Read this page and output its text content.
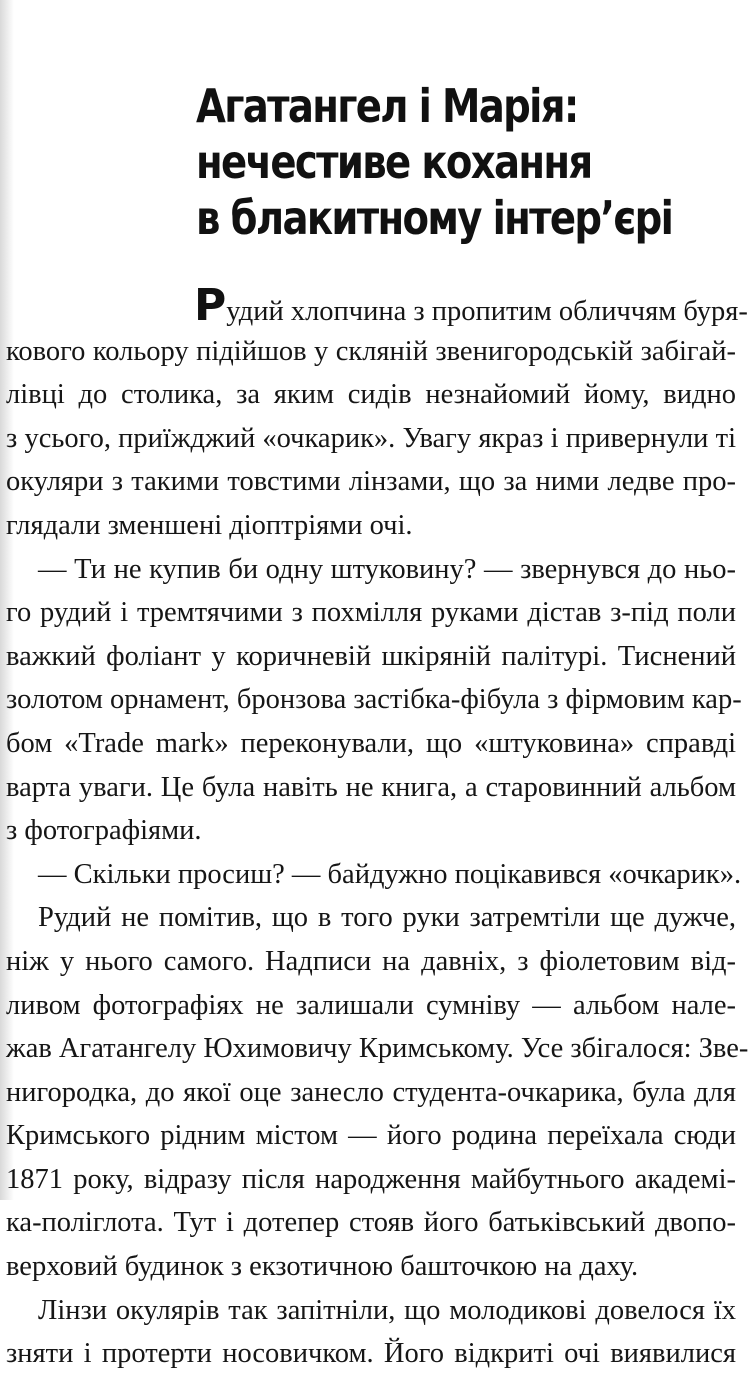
Агатангел і Марія:
нечестиве кохання
в блакитному інтер’єрі
Рудий хлопчина з пропитим обличчям буря-
кового кольору підійшов у скляній звенигородській забігай-
лівці до столика, за яким сидів незнайомий йому, видно
з усього, приїжджий «очкарик». Увагу якраз і привернули ті
окуляри з такими товстими лінзами, що за ними ледве про-
глядали зменшені діоптріями очі.
— Ти не купив би одну штуковину? — звернувся до ньо-
го рудий і тремтячими з похмілля руками дістав з-під поли
важкий фоліант у коричневій шкіряній палітурі. Тиснений
золотом орнамент, бронзова застібка-фібула з фірмовим кар-
бом «Trade mark» переконували, що «штуковина» справді
варта уваги. Це була навіть не книга, а старовинний альбом
з фотографіями.
— Скільки просиш? — байдужно поцікавився «очкарик».
Рудий не помітив, що в того руки затремтіли ще дужче,
ніж у нього самого. Надписи на давніх, з фіолетовим від-
ливом фотографіях не залишали сумніву — альбом нале-
жав Агатангелу Юхимовичу Кримському. Усе збігалося: Зве-
нигородка, до якої оце занесло студента-очкарика, була для
Кримського рідним містом — його родина переїхала сюди
1871 року, відразу після народження майбутнього академі-
ка-поліглота. Тут і дотепер стояв його батьківський двопо-
верховий будинок з екзотичною башточкою на даху.
Лінзи окулярів так запітніли, що молодикові довелося їх
зняти і протерти носовичком. Його відкриті очі виявилися
